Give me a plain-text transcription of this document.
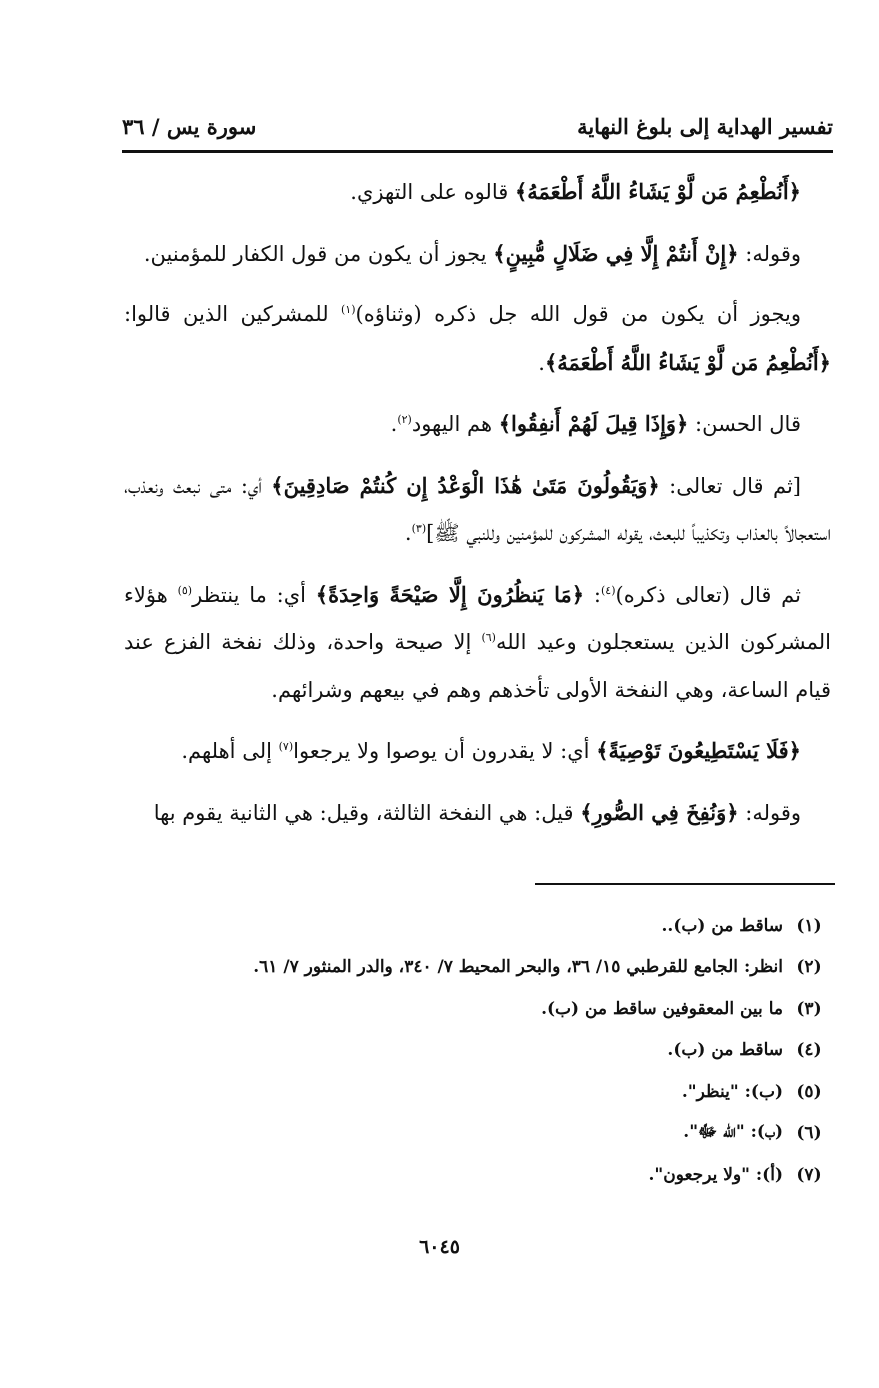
تفسير الهداية إلى بلوغ النهاية
سورة يس / ٣٦

﴿أَنُطْعِمُ مَن لَّوْ يَشَاءُ اللَّهُ أَطْعَمَهُ﴾ قالوه على التهزي.

وقوله: ﴿إِنْ أَنتُمْ إِلَّا فِي ضَلَالٍ مُّبِينٍ﴾ يجوز أن يكون من قول الكفار للمؤمنين.

ويجوز أن يكون من قول الله جل ذكره (وثناؤه)$^{(١)}$ للمشركين الذين قالوا: ﴿أَنُطْعِمُ مَن لَّوْ يَشَاءُ اللَّهُ أَطْعَمَهُ﴾.

قال الحسن: ﴿وَإِذَا قِيلَ لَهُمْ أَنفِقُوا﴾ هم اليهود$^{(٢)}$.

[ثم قال تعالى: ﴿وَيَقُولُونَ مَتَىٰ هَٰذَا الْوَعْدُ إِن كُنتُمْ صَادِقِينَ﴾ أي: متى نبعث ونعذب، استعجالاً بالعذاب وتكذيباً للبعث، يقوله المشركون للمؤمنين وللنبي ﷺ]$^{(٣)}$.

ثم قال (تعالى ذكره)$^{(٤)}$: ﴿مَا يَنظُرُونَ إِلَّا صَيْحَةً وَاحِدَةً﴾ أي: ما ينتظر$^{(٥)}$ هؤلاء المشركون الذين يستعجلون وعيد الله$^{(٦)}$ إلا صيحة واحدة، وذلك نفخة الفزع عند قيام الساعة، وهي النفخة الأولى تأخذهم وهم في بيعهم وشرائهم.

﴿فَلَا يَسْتَطِيعُونَ تَوْصِيَةً﴾ أي: لا يقدرون أن يوصوا ولا يرجعوا$^{(٧)}$ إلى أهلهم.

وقوله: ﴿وَنُفِخَ فِي الصُّورِ﴾ قيل: هي النفخة الثالثة، وقيل: هي الثانية يقوم بها

(١)
ساقط من (ب)..
(٢)
انظر: الجامع للقرطبي ١٥/ ٣٦، والبحر المحيط ٧/ ٣٤٠، والدر المنثور ٧/ ٦١.
(٣)
ما بين المعقوفين ساقط من (ب).
(٤)
ساقط من (ب).
(٥)
(ب): "ينظر".
(٦)
(ب): "الله ﷻ".
(٧)
(أ): "ولا يرجعون".
٦٠٤٥
